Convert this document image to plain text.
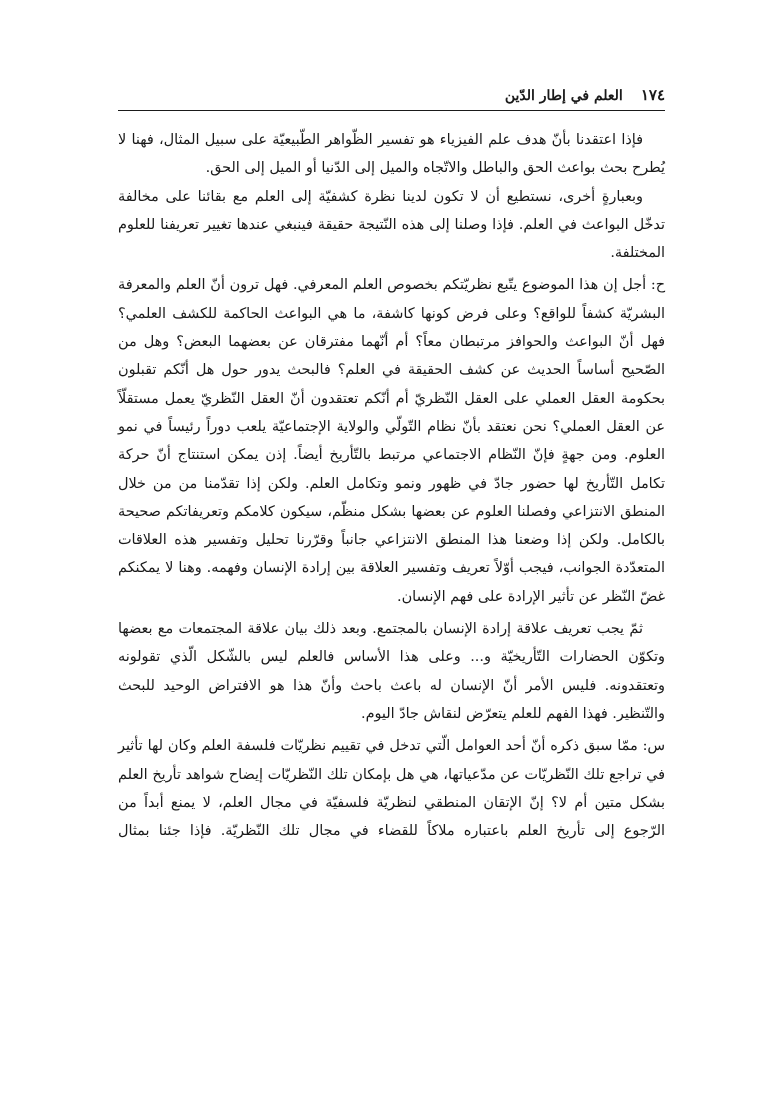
١٧٤
العلم في إطار الدّين

فإذا اعتقدنا بأنّ هدف علم الفيزياء هو تفسير الظّواهر الطّبيعيّة على سبيل المثال، فهنا لا يُطرح بحث بواعث الحق والباطل والاتّجاه والميل إلى الدّنيا أو الميل إلى الحق.

وبعبارةٍ أخرى، نستطيع أن لا تكون لدينا نظرة كشفيّة إلى العلم مع بقائنا على مخالفة تدخّل البواعث في العلم. فإذا وصلنا إلى هذه النّتيجة حقيقة فينبغي عندها تغيير تعريفنا للعلوم المختلفة.

ح: أجل إن هذا الموضوع يتّبع نظريّتكم بخصوص العلم المعرفي. فهل ترون أنّ العلم والمعرفة البشريّة كشفاً للواقع؟ وعلى فرض كونها كاشفة، ما هي البواعث الحاكمة للكشف العلمي؟ فهل أنّ البواعث والحوافز مرتبطان معاً؟ أم أنّهما مفترقان عن بعضهما البعض؟ وهل من الصّحيح أساساً الحديث عن كشف الحقيقة في العلم؟ فالبحث يدور حول هل أنّكم تقبلون بحكومة العقل العملي على العقل النّظريّ أم أنّكم تعتقدون أنّ العقل النّظريّ يعمل مستقلّاً عن العقل العملي؟ نحن نعتقد بأنّ نظام التّولّي والولاية الإجتماعيّة يلعب دوراً رئيساً في نمو العلوم. ومن جهةٍ فإنّ النّظام الاجتماعي مرتبط بالتّأريخ أيضاً. إذن يمكن استنتاج أنّ حركة تكامل التّأريخ لها حضور جادّ في ظهور ونمو وتكامل العلم. ولكن إذا تقدّمنا من من خلال المنطق الانتزاعي وفصلنا العلوم عن بعضها بشكل منظّم، سيكون كلامكم وتعريفاتكم صحيحة بالكامل. ولكن إذا وضعنا هذا المنطق الانتزاعي جانباً وقرّرنا تحليل وتفسير هذه العلاقات المتعدّدة الجوانب، فيجب أوّلاً تعريف وتفسير العلاقة بين إرادة الإنسان وفهمه. وهنا لا يمكنكم غضّ النّظر عن تأثير الإرادة على فهم الإنسان.

ثمّ يجب تعريف علاقة إرادة الإنسان بالمجتمع. وبعد ذلك بيان علاقة المجتمعات مع بعضها وتكوّن الحضارات التّأريخيّة و... وعلى هذا الأساس فالعلم ليس بالشّكل الّذي تقولونه وتعتقدونه. فليس الأمر أنّ الإنسان له باعث باحث وأنّ هذا هو الافتراض الوحيد للبحث والتّنظير. فهذا الفهم للعلم يتعرّض لنقاش جادّ اليوم.

س: ممّا سبق ذكره أنّ أحد العوامل الّتي تدخل في تقييم نظريّات فلسفة العلم وكان لها تأثير في تراجع تلك النّظريّات عن مدّعياتها، هي هل بإمكان تلك النّظريّات إيضاح شواهد تأريخ العلم بشكل متين أم لا؟ إنّ الإتقان المنطقي لنظريّة فلسفيّة في مجال العلم، لا يمنع أبداً من الرّجوع إلى تأريخ العلم باعتباره ملاكاً للقضاء في مجال تلك النّظريّة. فإذا جئنا بمثال
